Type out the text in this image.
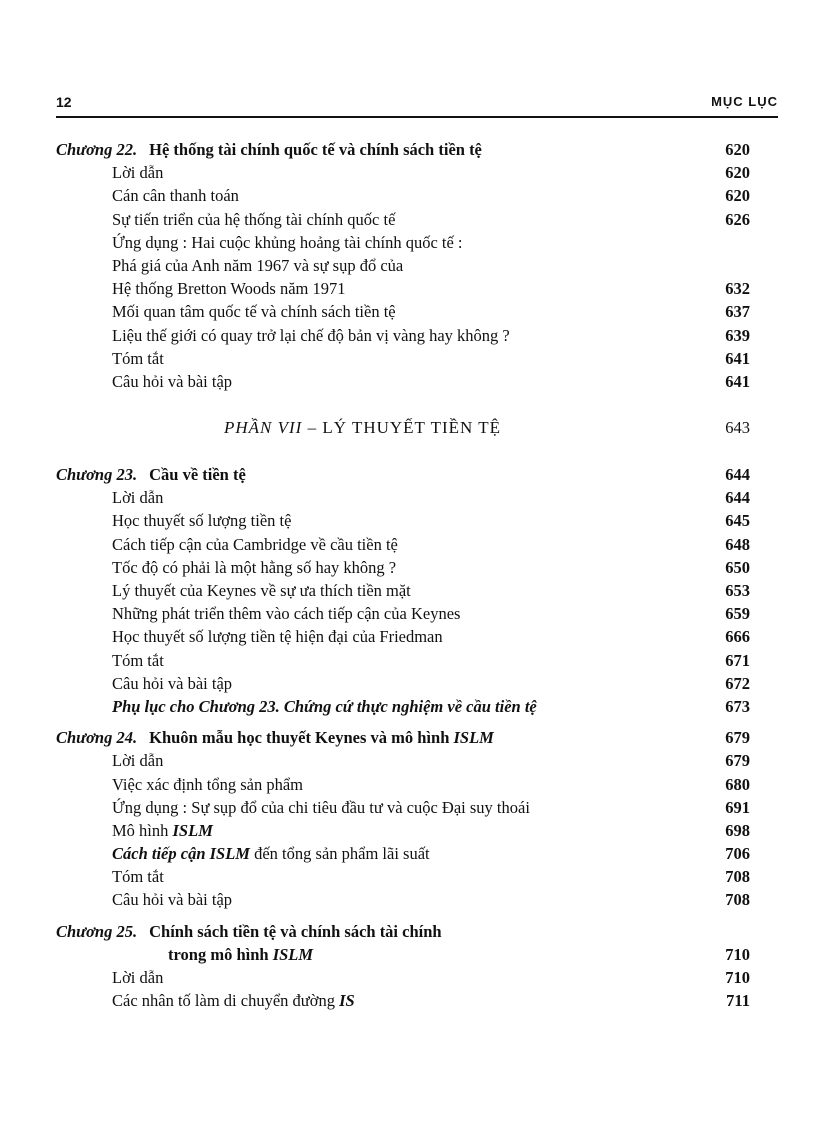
12	MỤC LỤC
Chương 22. Hệ thống tài chính quốc tế và chính sách tiền tệ	620
Lời dẫn	620
Cán cân thanh toán	620
Sự tiến triển của hệ thống tài chính quốc tế	626
Ứng dụng : Hai cuộc khủng hoảng tài chính quốc tế :
Phá giá của Anh năm 1967 và sự sụp đổ của
Hệ thống Bretton Woods năm 1971	632
Mối quan tâm quốc tế và chính sách tiền tệ	637
Liệu thế giới có quay trở lại chế độ bản vị vàng hay không ?	639
Tóm tắt	641
Câu hỏi và bài tập	641
PHẦN VII – LÝ THUYẾT TIỀN TỆ	643
Chương 23. Cầu về tiền tệ	644
Lời dẫn	644
Học thuyết số lượng tiền tệ	645
Cách tiếp cận của Cambridge về cầu tiền tệ	648
Tốc độ có phải là một hằng số hay không ?	650
Lý thuyết của Keynes về sự ưa thích tiền mặt	653
Những phát triển thêm vào cách tiếp cận của Keynes	659
Học thuyết số lượng tiền tệ hiện đại của Friedman	666
Tóm tắt	671
Câu hỏi và bài tập	672
Phụ lục cho Chương 23. Chứng cứ thực nghiệm về cầu tiền tệ	673
Chương 24. Khuôn mẫu học thuyết Keynes và mô hình ISLM	679
Lời dẫn	679
Việc xác định tổng sản phẩm	680
Ứng dụng : Sự sụp đổ của chi tiêu đầu tư và cuộc Đại suy thoái	691
Mô hình ISLM	698
Cách tiếp cận ISLM đến tổng sản phẩm lãi suất	706
Tóm tắt	708
Câu hỏi và bài tập	708
Chương 25. Chính sách tiền tệ và chính sách tài chính
trong mô hình ISLM	710
Lời dẫn	710
Các nhân tố làm di chuyển đường IS	711
